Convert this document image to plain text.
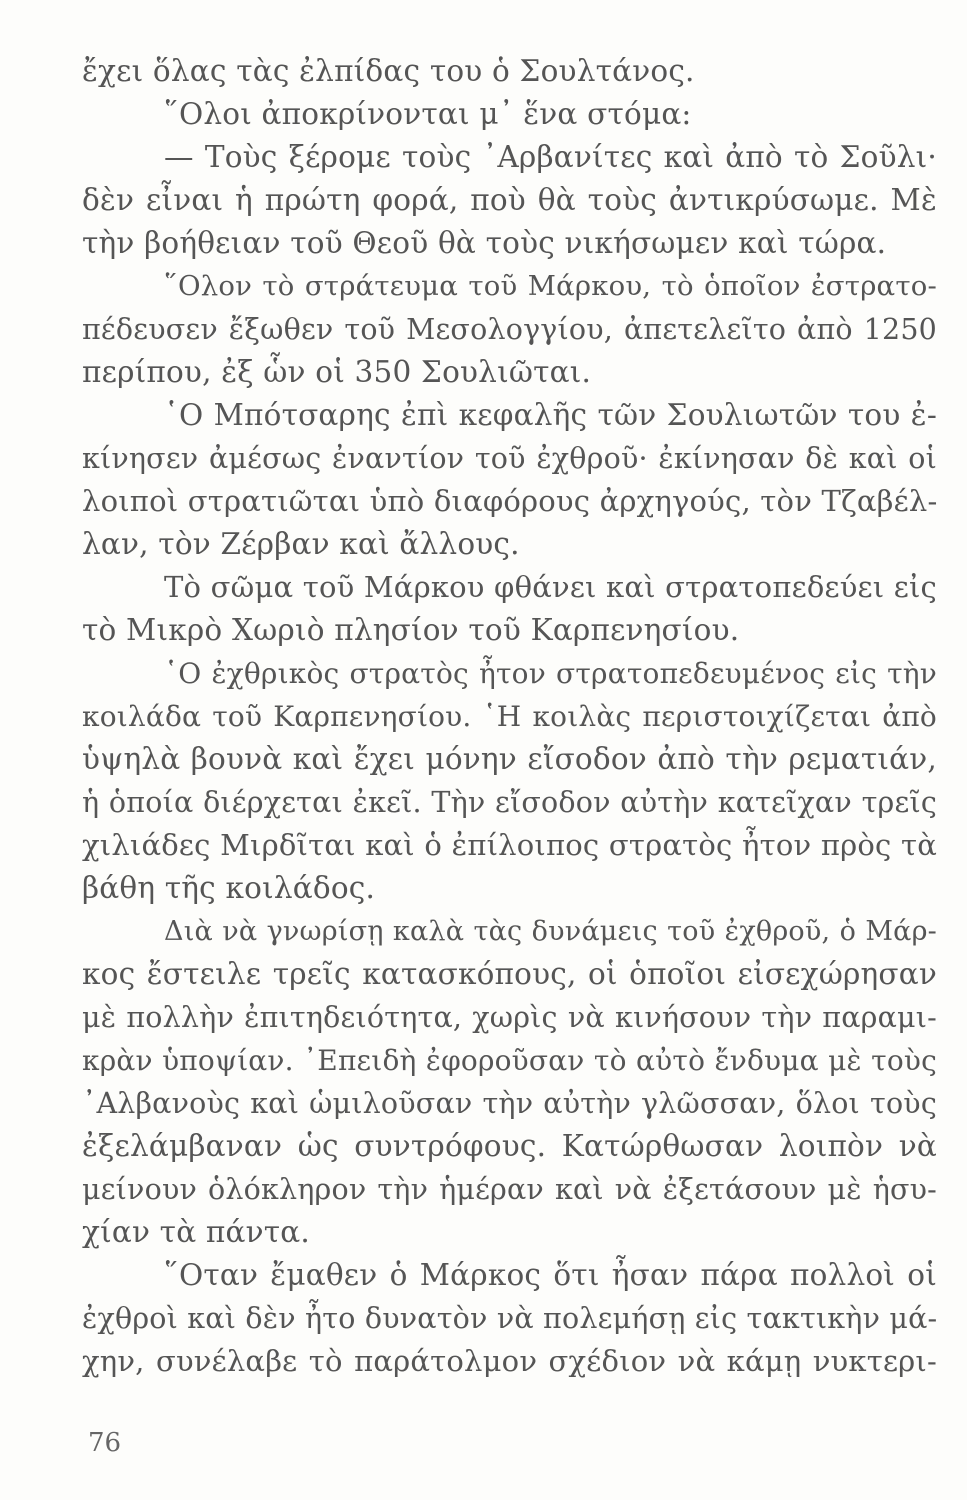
ἔχει ὅλας τὰς ἐλπίδας του ὁ Σουλτάνος.
῞Ολοι ἀποκρίνονται μ᾽ ἕνα στόμα:
— Τοὺς ξέρομε τοὺς ᾽Αρβανίτες καὶ ἀπὸ τὸ Σοῦλι·
δὲν εἶναι ἡ πρώτη φορά, ποὺ θὰ τοὺς ἀντικρύσωμε. Μὲ
τὴν βοήθειαν τοῦ Θεοῦ θὰ τοὺς νικήσωμεν καὶ τώρα.
῞Ολον τὸ στράτευμα τοῦ Μάρκου, τὸ ὁποῖον ἐστρατο-
πέδευσεν ἔξωθεν τοῦ Μεσολογγίου, ἀπετελεῖτο ἀπὸ 1250
περίπου, ἐξ ὧν οἱ 350 Σουλιῶται.
῾Ο Μπότσαρης ἐπὶ κεφαλῆς τῶν Σουλιωτῶν του ἐ-
κίνησεν ἀμέσως ἐναντίον τοῦ ἐχθροῦ· ἐκίνησαν δὲ καὶ οἱ
λοιποὶ στρατιῶται ὑπὸ διαφόρους ἀρχηγούς, τὸν Τζαβέλ-
λαν, τὸν Ζέρβαν καὶ ἄλλους.
Τὸ σῶμα τοῦ Μάρκου φθάνει καὶ στρατοπεδεύει εἰς
τὸ Μικρὸ Χωριὸ πλησίον τοῦ Καρπενησίου.
῾Ο ἐχθρικὸς στρατὸς ἦτον στρατοπεδευμένος εἰς τὴν
κοιλάδα τοῦ Καρπενησίου. ῾Η κοιλὰς περιστοιχίζεται ἀπὸ
ὑψηλὰ βουνὰ καὶ ἔχει μόνην εἴσοδον ἀπὸ τὴν ρεματιάν,
ἡ ὁποία διέρχεται ἐκεῖ. Τὴν εἴσοδον αὐτὴν κατεῖχαν τρεῖς
χιλιάδες Μιρδῖται καὶ ὁ ἐπίλοιπος στρατὸς ἦτον πρὸς τὰ
βάθη τῆς κοιλάδος.
Διὰ νὰ γνωρίσῃ καλὰ τὰς δυνάμεις τοῦ ἐχθροῦ, ὁ Μάρ-
κος ἔστειλε τρεῖς κατασκόπους, οἱ ὁποῖοι εἰσεχώρησαν
μὲ πολλὴν ἐπιτηδειότητα, χωρὶς νὰ κινήσουν τὴν παραμι-
κρὰν ὑποψίαν. ᾽Επειδὴ ἐφοροῦσαν τὸ αὐτὸ ἔνδυμα μὲ τοὺς
᾽Αλβανοὺς καὶ ὡμιλοῦσαν τὴν αὐτὴν γλῶσσαν, ὅλοι τοὺς
ἐξελάμβαναν ὡς συντρόφους. Κατώρθωσαν λοιπὸν νὰ
μείνουν ὁλόκληρον τὴν ἡμέραν καὶ νὰ ἐξετάσουν μὲ ἡσυ-
χίαν τὰ πάντα.
῞Οταν ἔμαθεν ὁ Μάρκος ὅτι ἦσαν πάρα πολλοὶ οἱ
ἐχθροὶ καὶ δὲν ἦτο δυνατὸν νὰ πολεμήσῃ εἰς τακτικὴν μά-
χην, συνέλαβε τὸ παράτολμον σχέδιον νὰ κάμῃ νυκτερι-
76
